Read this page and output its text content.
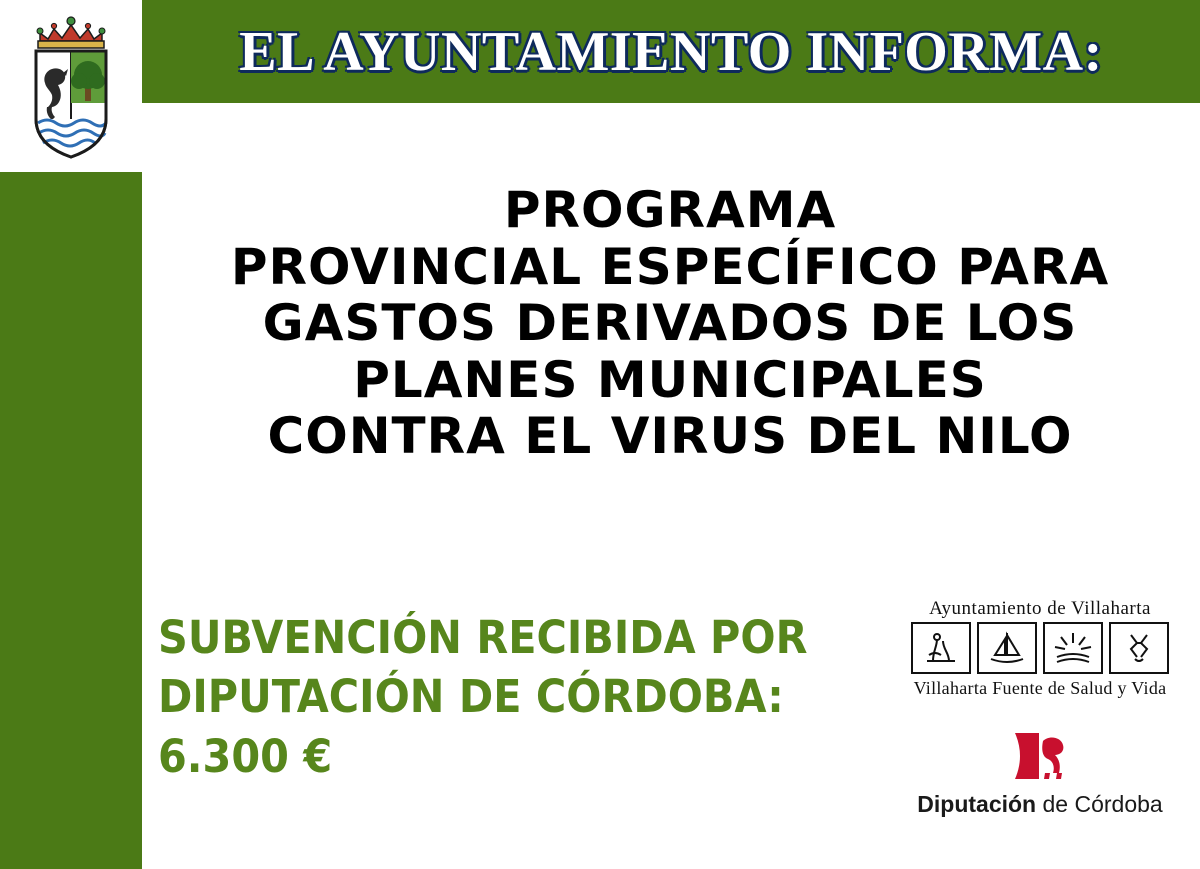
EL AYUNTAMIENTO INFORMA:
PROGRAMA
PROVINCIAL ESPECÍFICO PARA
GASTOS DERIVADOS DE LOS
PLANES MUNICIPALES
CONTRA EL VIRUS DEL NILO
SUBVENCIÓN RECIBIDA POR
DIPUTACIÓN DE CÓRDOBA:
6.300 €
Ayuntamiento de Villaharta
Villaharta Fuente de Salud y Vida
Diputación de Córdoba
